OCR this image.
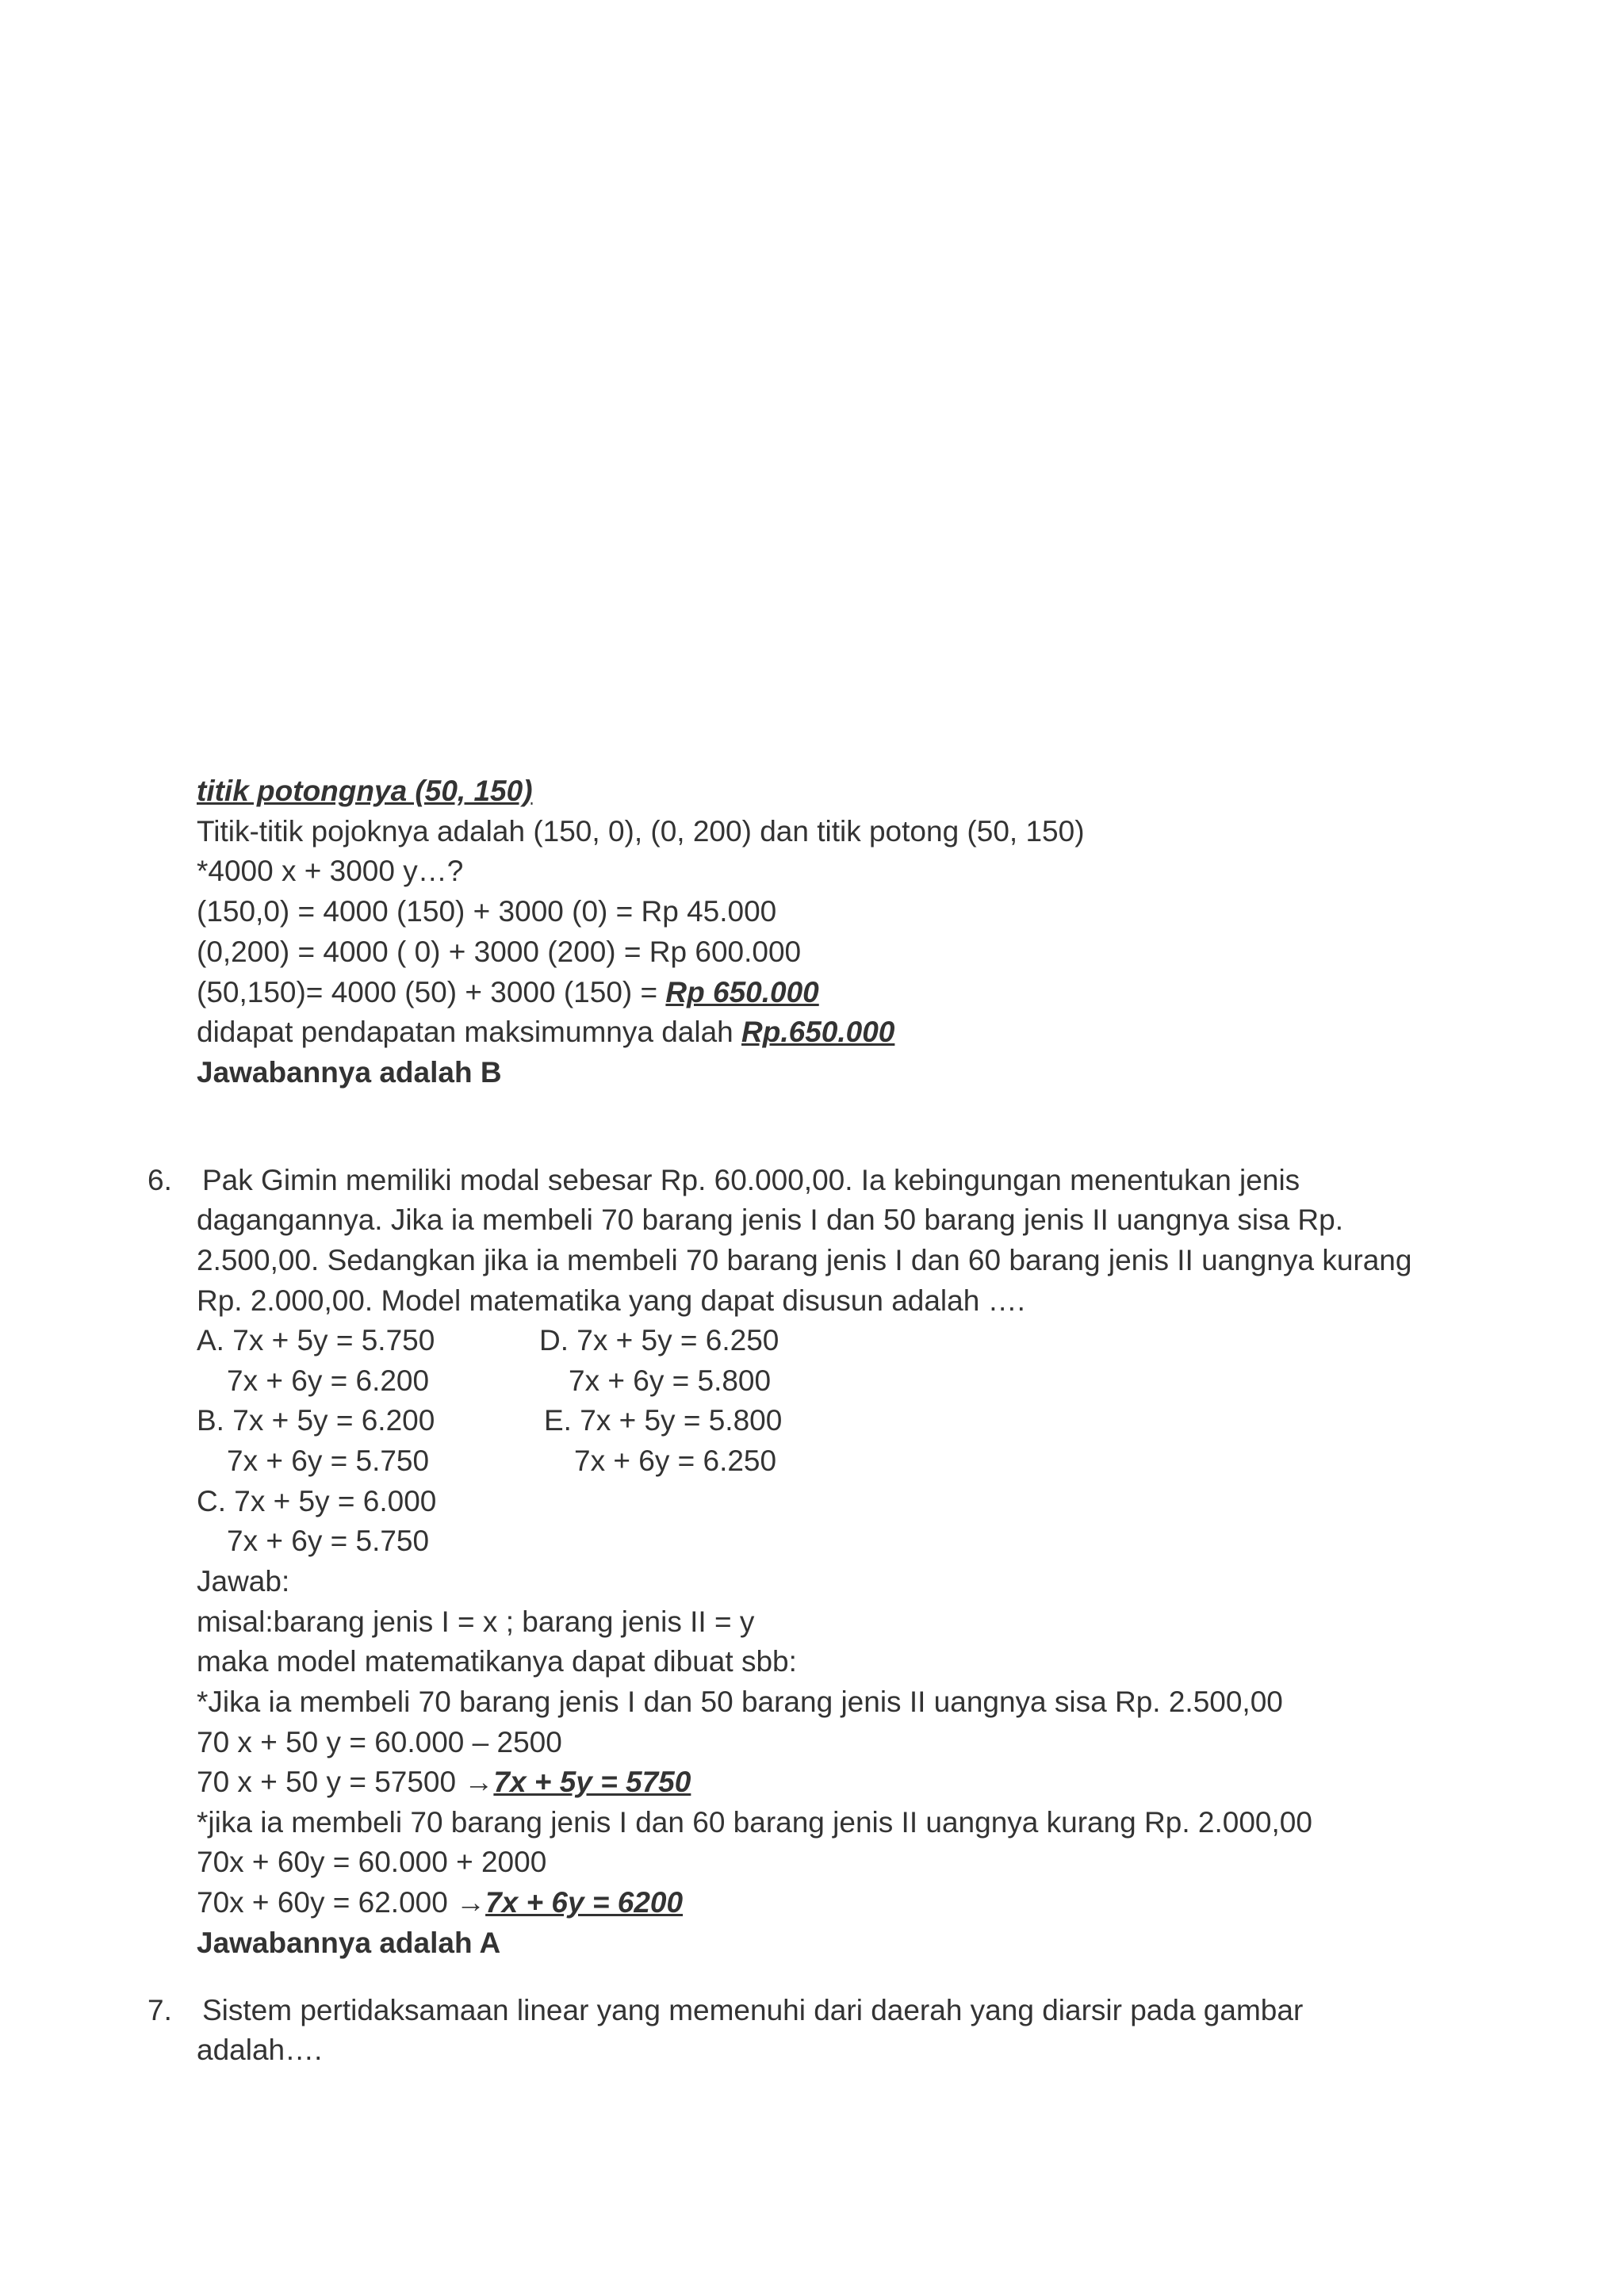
titik potongnya (50, 150)
Titik-titik pojoknya adalah (150, 0), (0, 200) dan titik potong (50, 150)
*4000 x + 3000 y…?
(150,0) = 4000 (150) + 3000 (0) = Rp 45.000
(0,200) = 4000 ( 0) + 3000 (200) = Rp 600.000
(50,150)= 4000 (50) + 3000 (150) = Rp 650.000
didapat pendapatan maksimumnya dalah Rp.650.000
Jawabannya adalah B
6. Pak Gimin memiliki modal sebesar Rp. 60.000,00. Ia kebingungan menentukan jenis
dagangannya. Jika ia membeli 70 barang jenis I dan 50 barang jenis II uangnya sisa Rp.
2.500,00. Sedangkan jika ia membeli 70 barang jenis I dan 60 barang jenis II uangnya kurang
Rp. 2.000,00. Model matematika yang dapat disusun adalah ….
A. 7x + 5y = 5.750	D. 7x + 5y = 6.250
7x + 6y = 6.200	7x + 6y = 5.800
B. 7x + 5y = 6.200	E. 7x + 5y = 5.800
7x + 6y = 5.750	7x + 6y = 6.250
C. 7x + 5y = 6.000
7x + 6y = 5.750
Jawab:
misal:barang jenis I = x ; barang jenis II = y
maka model matematikanya dapat dibuat sbb:
*Jika ia membeli 70 barang jenis I dan 50 barang jenis II uangnya sisa Rp. 2.500,00
70 x + 50 y = 60.000 – 2500
70 x + 50 y = 57500 →7x + 5y = 5750
*jika ia membeli 70 barang jenis I dan 60 barang jenis II uangnya kurang Rp. 2.000,00
70x + 60y = 60.000 + 2000
70x + 60y = 62.000 →7x + 6y = 6200
Jawabannya adalah A
7. Sistem pertidaksamaan linear yang memenuhi dari daerah yang diarsir pada gambar
adalah….
